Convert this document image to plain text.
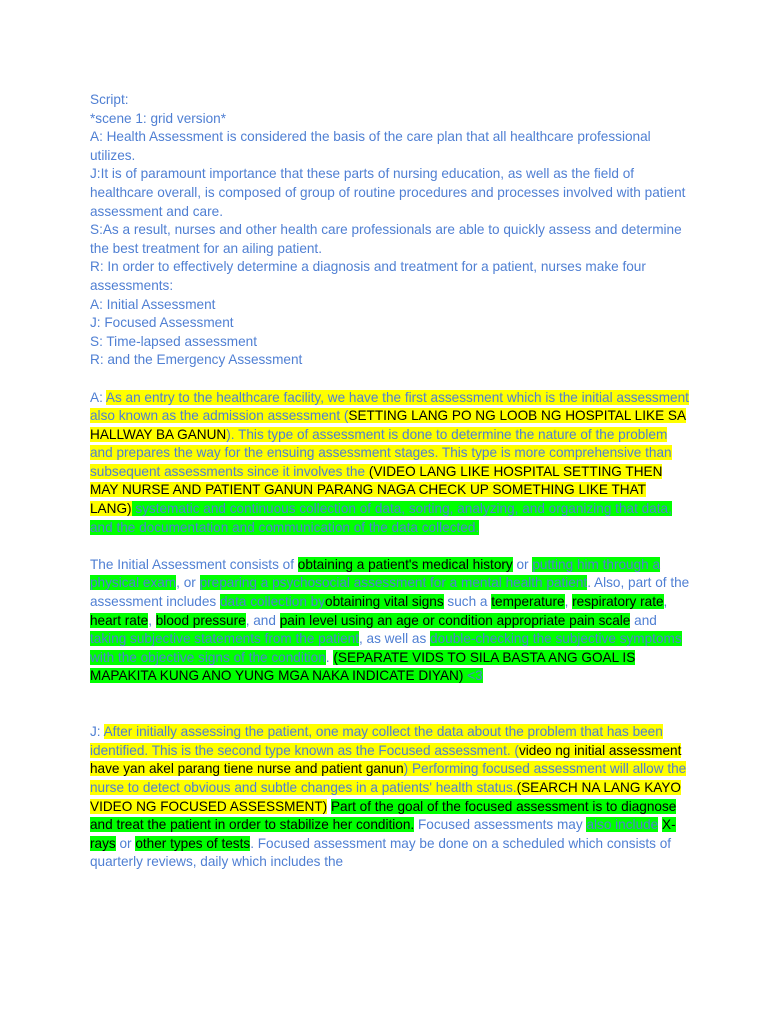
Script:
*scene 1: grid version*
A: Health Assessment is considered the basis of the care plan that all healthcare professional utilizes.
J:It is of paramount importance that these parts of nursing education, as well as the field of healthcare overall, is composed of group of routine procedures and processes involved with patient assessment and care.
S:As a result, nurses and other health care professionals are able to quickly assess and determine the best treatment for an ailing patient.
R: In order to effectively determine a diagnosis and treatment for a patient, nurses make four assessments:
A: Initial Assessment
J: Focused Assessment
S: Time-lapsed assessment
R: and the Emergency Assessment
A: As an entry to the healthcare facility, we have the first assessment which is the initial assessment also known as the admission assessment (SETTING LANG PO NG LOOB NG HOSPITAL LIKE SA HALLWAY BA GANUN). This type of assessment is done to determine the nature of the problem and prepares the way for the ensuing assessment stages. This type is more comprehensive than subsequent assessments since it involves the (VIDEO LANG LIKE HOSPITAL SETTING THEN MAY NURSE AND PATIENT GANUN PARANG NAGA CHECK UP SOMETHING LIKE THAT LANG) systematic and continuous collection of data, sorting, analyzing, and organizing that data, and the documentation and communication of the data collected.
The Initial Assessment consists of obtaining a patient's medical history or putting him through a physical exam, or preparing a psychosocial assessment for a mental health patient. Also, part of the assessment includes data collection byobtaining vital signs such a temperature, respiratory rate, heart rate, blood pressure, and pain level using an age or condition appropriate pain scale and taking subjective statements from the patient, as well as double-checking the subjective symptoms with the objective signs of the condition. (SEPARATE VIDS TO SILA BASTA ANG GOAL IS MAPAKITA KUNG ANO YUNG MGA NAKA INDICATE DIYAN) <3
J: After initially assessing the patient, one may collect the data about the problem that has been identified. This is the second type known as the Focused assessment. (video ng initial assessment have yan akel parang tiene nurse and patient ganun) Performing focused assessment will allow the nurse to detect obvious and subtle changes in a patients' health status.(SEARCH NA LANG KAYO VIDEO NG FOCUSED ASSESSMENT) Part of the goal of the focused assessment is to diagnose and treat the patient in order to stabilize her condition. Focused assessments may also include X-rays or other types of tests. Focused assessment may be done on a scheduled which consists of quarterly reviews, daily which includes the
